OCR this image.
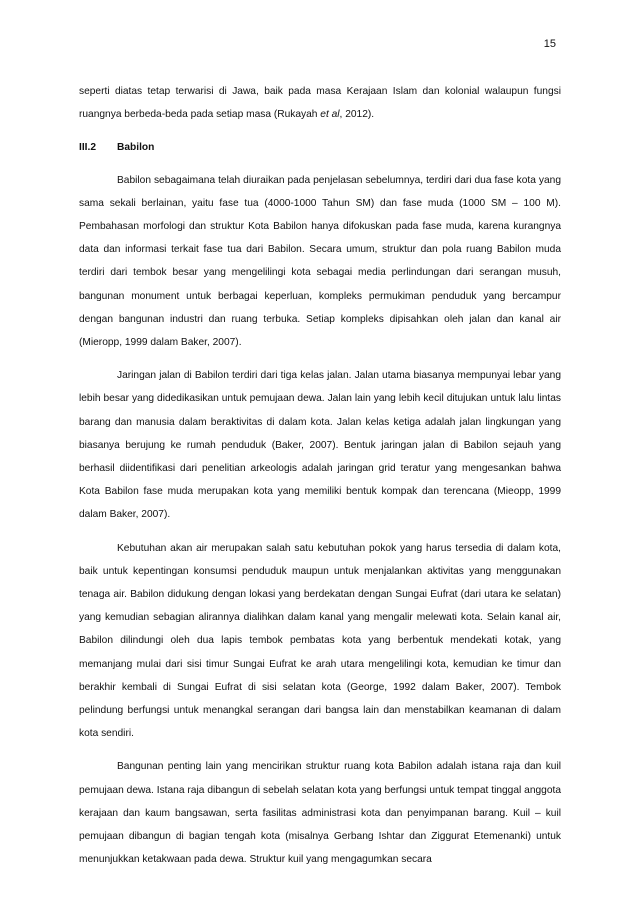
15

seperti diatas tetap terwarisi di Jawa, baik pada masa Kerajaan Islam dan kolonial walaupun fungsi ruangnya berbeda-beda pada setiap masa (Rukayah et al, 2012).

III.2	Babilon

Babilon sebagaimana telah diuraikan pada penjelasan sebelumnya, terdiri dari dua fase kota yang sama sekali berlainan, yaitu fase tua (4000-1000 Tahun SM) dan fase muda (1000 SM – 100 M). Pembahasan morfologi dan struktur Kota Babilon hanya difokuskan pada fase muda, karena kurangnya data dan informasi terkait fase tua dari Babilon. Secara umum, struktur dan pola ruang Babilon muda terdiri dari tembok besar yang mengelilingi kota sebagai media perlindungan dari serangan musuh, bangunan monument untuk berbagai keperluan, kompleks permukiman penduduk yang bercampur dengan bangunan industri dan ruang terbuka. Setiap kompleks dipisahkan oleh jalan dan kanal air (Mieropp, 1999 dalam Baker, 2007).

Jaringan jalan di Babilon terdiri dari tiga kelas jalan. Jalan utama biasanya mempunyai lebar yang lebih besar yang didedikasikan untuk pemujaan dewa. Jalan lain yang lebih kecil ditujukan untuk lalu lintas barang dan manusia dalam beraktivitas di dalam kota. Jalan kelas ketiga adalah jalan lingkungan yang biasanya berujung ke rumah penduduk (Baker, 2007). Bentuk jaringan jalan di Babilon sejauh yang berhasil diidentifikasi dari penelitian arkeologis adalah jaringan grid teratur yang mengesankan bahwa Kota Babilon fase muda merupakan kota yang memiliki bentuk kompak dan terencana (Mieopp, 1999 dalam Baker, 2007).

Kebutuhan akan air merupakan salah satu kebutuhan pokok yang harus tersedia di dalam kota, baik untuk kepentingan konsumsi penduduk maupun untuk menjalankan aktivitas yang menggunakan tenaga air. Babilon didukung dengan lokasi yang berdekatan dengan Sungai Eufrat (dari utara ke selatan) yang kemudian sebagian alirannya dialihkan dalam kanal yang mengalir melewati kota. Selain kanal air, Babilon dilindungi oleh dua lapis tembok pembatas kota yang berbentuk mendekati kotak, yang memanjang mulai dari sisi timur Sungai Eufrat ke arah utara mengelilingi kota, kemudian ke timur dan berakhir kembali di Sungai Eufrat di sisi selatan kota (George, 1992 dalam Baker, 2007). Tembok pelindung berfungsi untuk menangkal serangan dari bangsa lain dan menstabilkan keamanan di dalam kota sendiri.

Bangunan penting lain yang mencirikan struktur ruang kota Babilon adalah istana raja dan kuil pemujaan dewa. Istana raja dibangun di sebelah selatan kota yang berfungsi untuk tempat tinggal anggota kerajaan dan kaum bangsawan, serta fasilitas administrasi kota dan penyimpanan barang. Kuil – kuil pemujaan dibangun di bagian tengah kota (misalnya Gerbang Ishtar dan Ziggurat Etemenanki) untuk menunjukkan ketakwaan pada dewa. Struktur kuil yang mengagumkan secara
